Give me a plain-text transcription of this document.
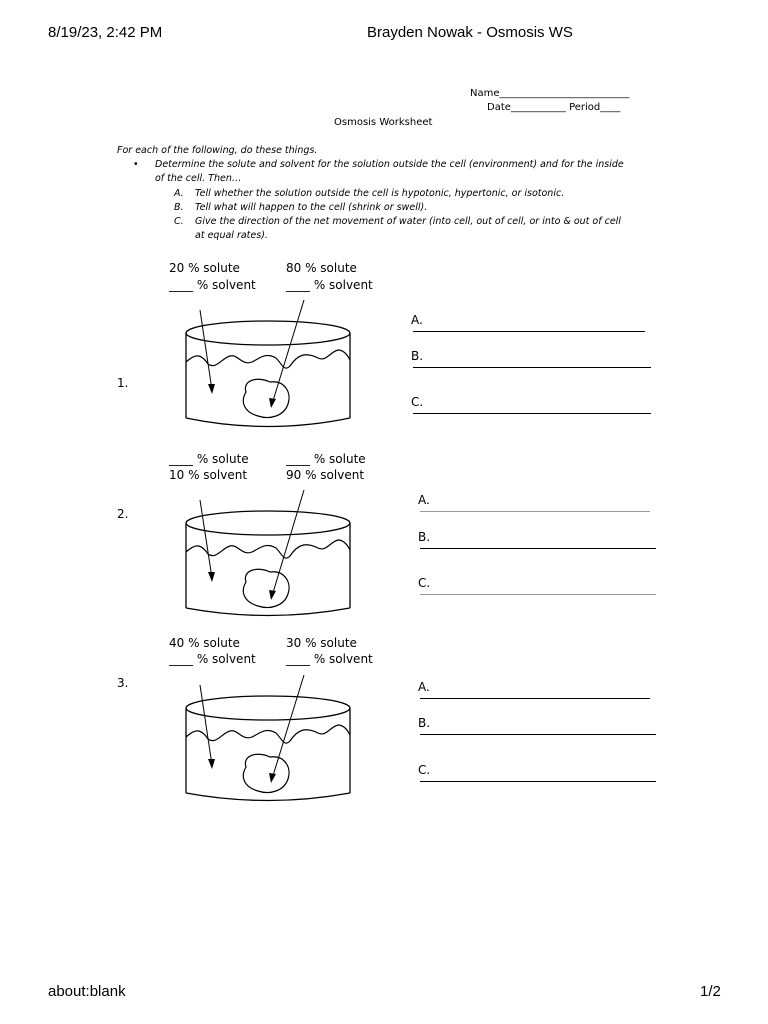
8/19/23, 2:42 PM	Brayden Nowak - Osmosis WS
Name__________________________
Date___________ Period____
Osmosis Worksheet
For each of the following, do these things.
• Determine the solute and solvent for the solution outside the cell (environment) and for the inside
of the cell. Then…
A. Tell whether the solution outside the cell is hypotonic, hypertonic, or isotonic.
B. Tell what will happen to the cell (shrink or swell).
C. Give the direction of the net movement of water (into cell, out of cell, or into & out of cell
at equal rates).
20 % solute
____ % solvent
80 % solute
____ % solvent
1.
A.
B.
C.
____ % solute
10 % solvent
____ % solute
90 % solvent
2.
A.
B.
C.
40 % solute
____ % solvent
30 % solute
____ % solvent
3.	A.
B.
C.
about:blank	1/2
